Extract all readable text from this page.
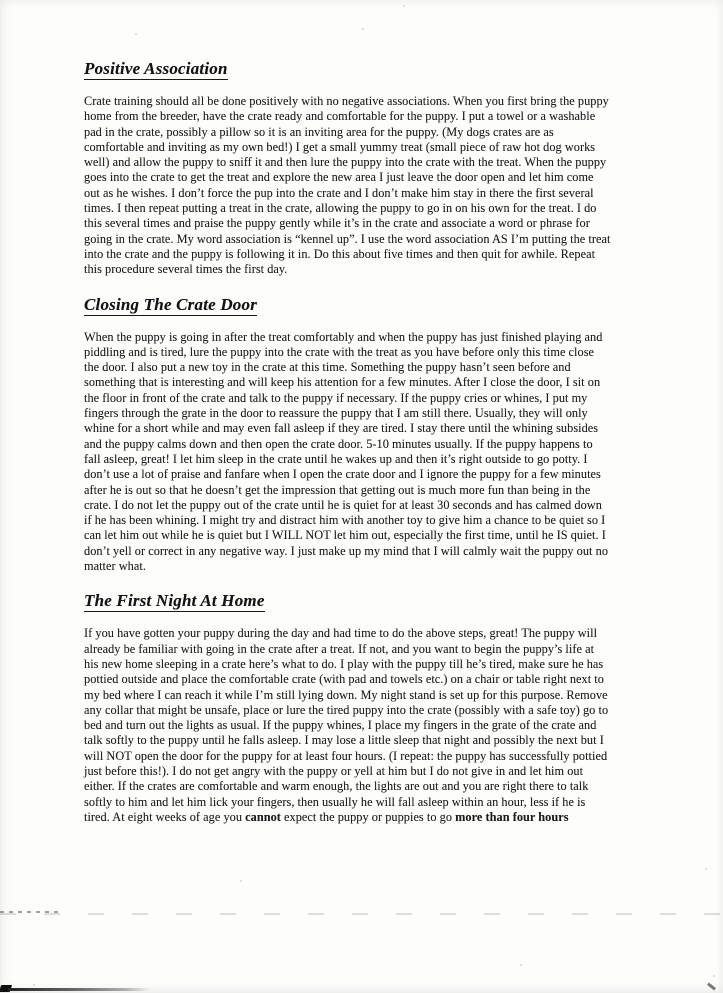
Positive Association
Crate training should all be done positively with no negative associations. When you first bring the puppy
home from the breeder, have the crate ready and comfortable for the puppy. I put a towel or a washable
pad in the crate, possibly a pillow so it is an inviting area for the puppy. (My dogs crates are as
comfortable and inviting as my own bed!) I get a small yummy treat (small piece of raw hot dog works
well) and allow the puppy to sniff it and then lure the puppy into the crate with the treat. When the puppy
goes into the crate to get the treat and explore the new area I just leave the door open and let him come
out as he wishes. I don’t force the pup into the crate and I don’t make him stay in there the first several
times. I then repeat putting a treat in the crate, allowing the puppy to go in on his own for the treat. I do
this several times and praise the puppy gently while it’s in the crate and associate a word or phrase for
going in the crate. My word association is “kennel up”. I use the word association AS I’m putting the treat
into the crate and the puppy is following it in. Do this about five times and then quit for awhile. Repeat
this procedure several times the first day.
Closing The Crate Door
When the puppy is going in after the treat comfortably and when the puppy has just finished playing and
piddling and is tired, lure the puppy into the crate with the treat as you have before only this time close
the door. I also put a new toy in the crate at this time. Something the puppy hasn’t seen before and
something that is interesting and will keep his attention for a few minutes. After I close the door, I sit on
the floor in front of the crate and talk to the puppy if necessary. If the puppy cries or whines, I put my
fingers through the grate in the door to reassure the puppy that I am still there. Usually, they will only
whine for a short while and may even fall asleep if they are tired. I stay there until the whining subsides
and the puppy calms down and then open the crate door. 5-10 minutes usually. If the puppy happens to
fall asleep, great! I let him sleep in the crate until he wakes up and then it’s right outside to go potty. I
don’t use a lot of praise and fanfare when I open the crate door and I ignore the puppy for a few minutes
after he is out so that he doesn’t get the impression that getting out is much more fun than being in the
crate. I do not let the puppy out of the crate until he is quiet for at least 30 seconds and has calmed down
if he has been whining. I might try and distract him with another toy to give him a chance to be quiet so I
can let him out while he is quiet but I WILL NOT let him out, especially the first time, until he IS quiet. I
don’t yell or correct in any negative way. I just make up my mind that I will calmly wait the puppy out no
matter what.
The First Night At Home
If you have gotten your puppy during the day and had time to do the above steps, great! The puppy will
already be familiar with going in the crate after a treat. If not, and you want to begin the puppy’s life at
his new home sleeping in a crate here’s what to do. I play with the puppy till he’s tired, make sure he has
pottied outside and place the comfortable crate (with pad and towels etc.) on a chair or table right next to
my bed where I can reach it while I’m still lying down. My night stand is set up for this purpose. Remove
any collar that might be unsafe, place or lure the tired puppy into the crate (possibly with a safe toy) go to
bed and turn out the lights as usual. If the puppy whines, I place my fingers in the grate of the crate and
talk softly to the puppy until he falls asleep. I may lose a little sleep that night and possibly the next but I
will NOT open the door for the puppy for at least four hours. (I repeat: the puppy has successfully pottied
just before this!). I do not get angry with the puppy or yell at him but I do not give in and let him out
either. If the crates are comfortable and warm enough, the lights are out and you are right there to talk
softly to him and let him lick your fingers, then usually he will fall asleep within an hour, less if he is
tired. At eight weeks of age you cannot expect the puppy or puppies to go more than four hours
